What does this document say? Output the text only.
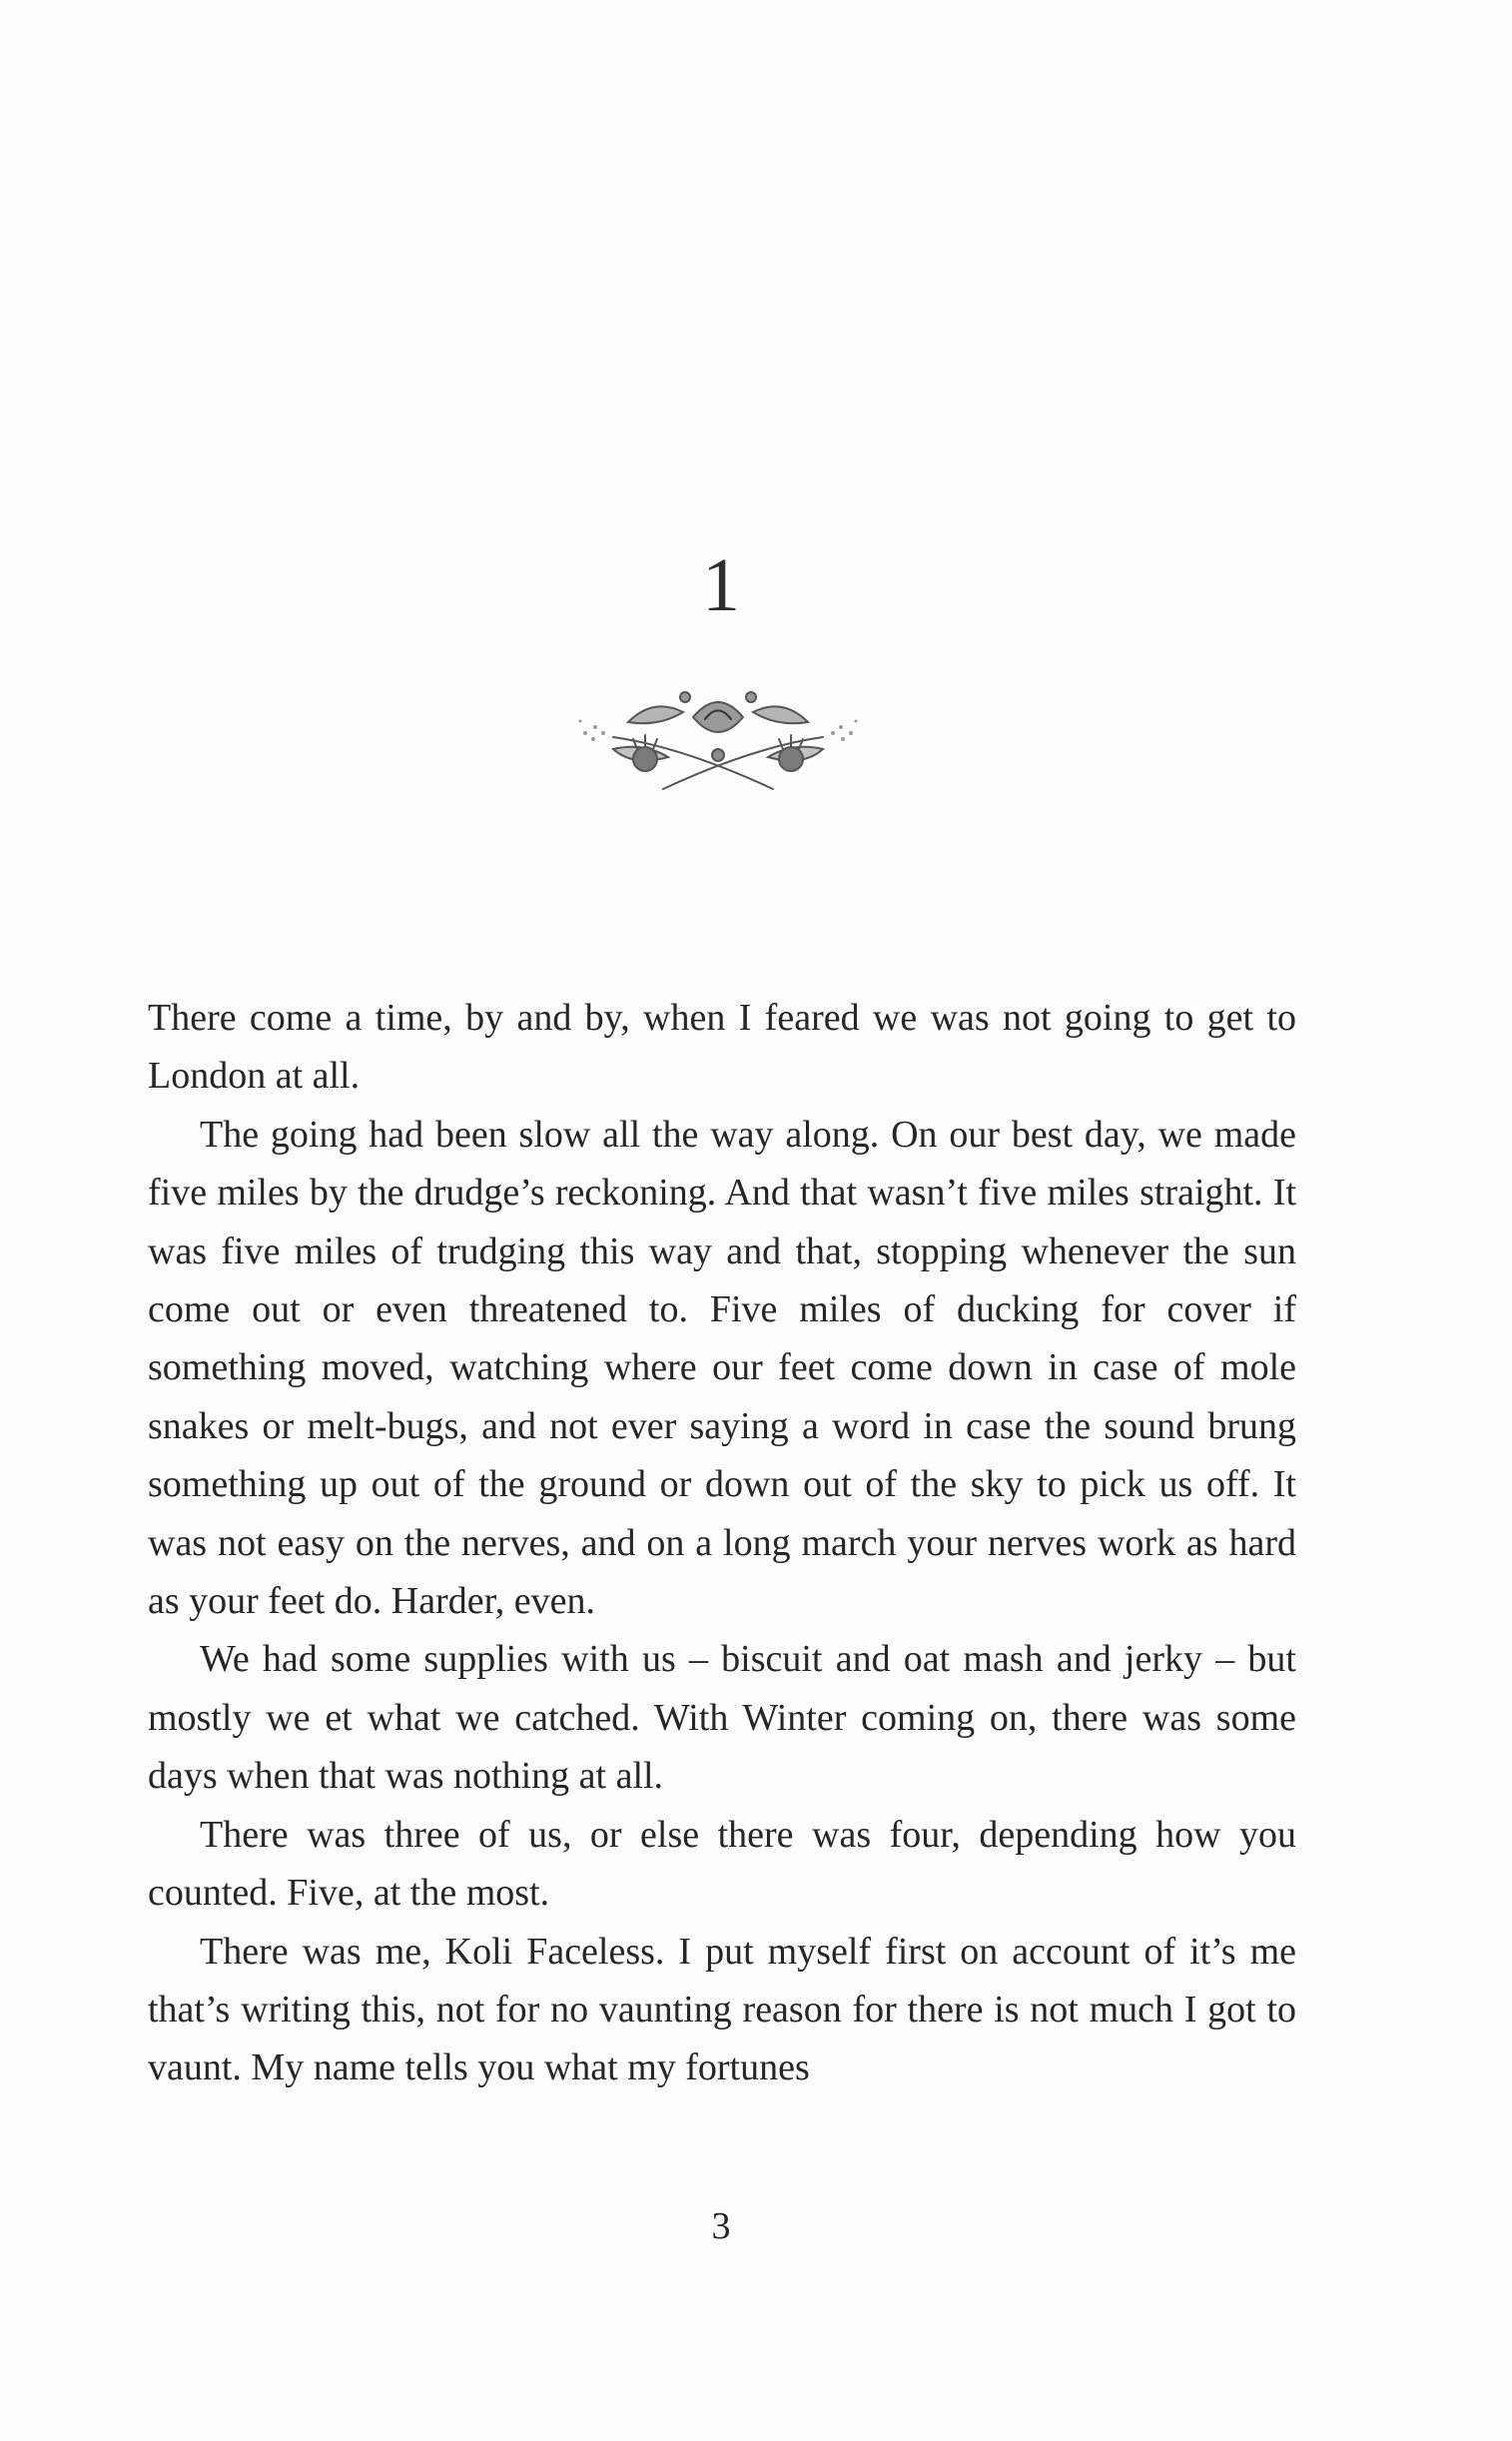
1

There come a time, by and by, when I feared we was not going to get to London at all.

The going had been slow all the way along. On our best day, we made five miles by the drudge’s reckoning. And that wasn’t five miles straight. It was five miles of trudging this way and that, stopping whenever the sun come out or even threatened to. Five miles of ducking for cover if something moved, watching where our feet come down in case of mole snakes or melt-bugs, and not ever saying a word in case the sound brung something up out of the ground or down out of the sky to pick us off. It was not easy on the nerves, and on a long march your nerves work as hard as your feet do. Harder, even.

We had some supplies with us – biscuit and oat mash and jerky – but mostly we et what we catched. With Winter coming on, there was some days when that was nothing at all.

There was three of us, or else there was four, depending how you counted. Five, at the most.

There was me, Koli Faceless. I put myself first on account of it’s me that’s writing this, not for no vaunting reason for there is not much I got to vaunt. My name tells you what my fortunes

3
